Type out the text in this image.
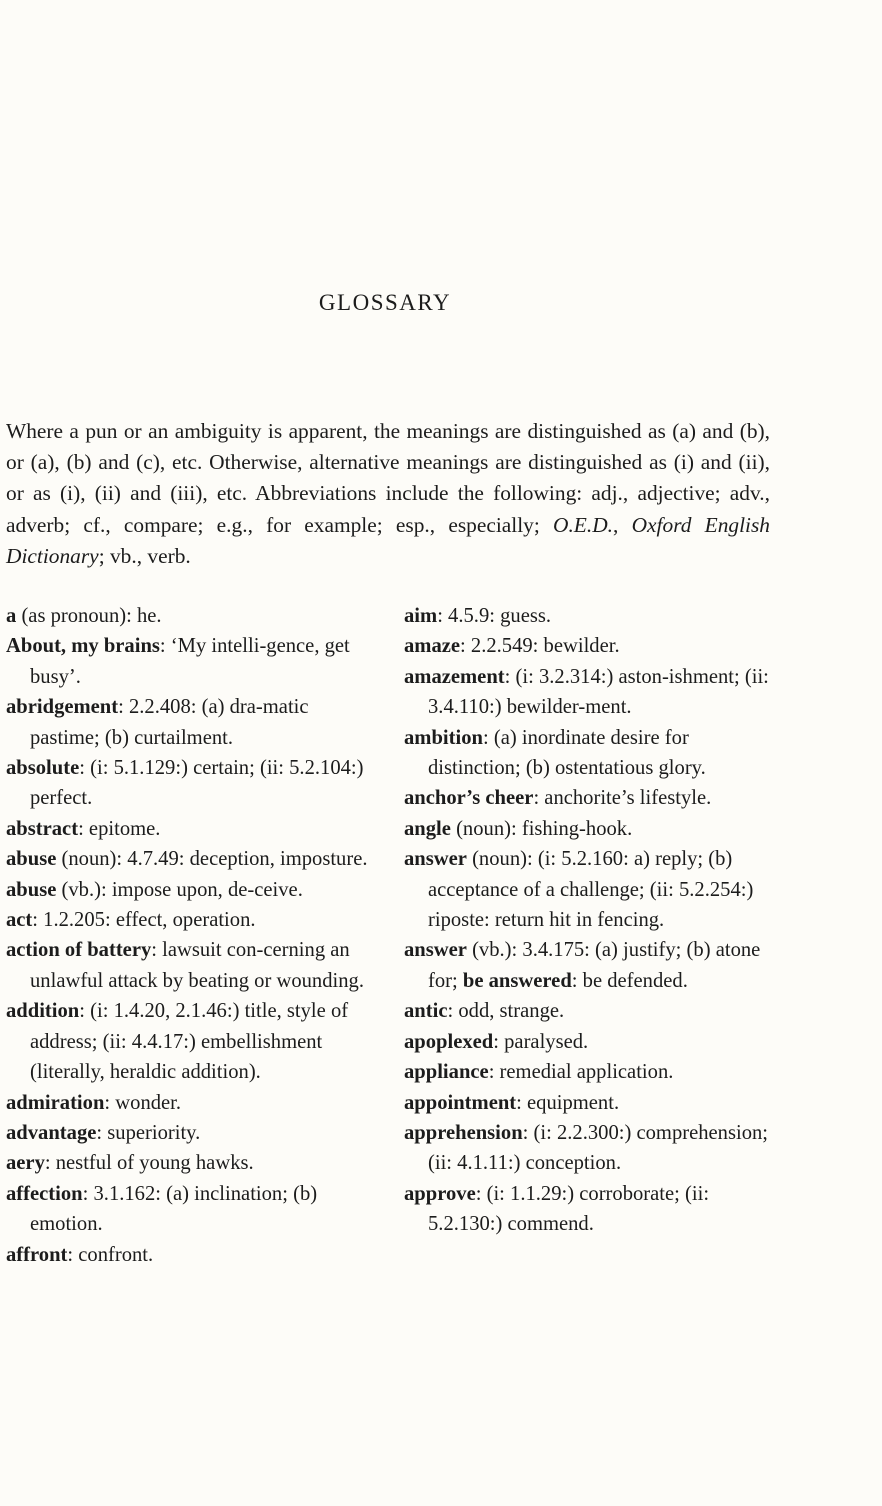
GLOSSARY

Where a pun or an ambiguity is apparent, the meanings are distinguished as (a) and (b), or (a), (b) and (c), etc. Otherwise, alternative meanings are distinguished as (i) and (ii), or as (i), (ii) and (iii), etc. Abbreviations include the following: adj., adjective; adv., adverb; cf., compare; e.g., for example; esp., especially; O.E.D., Oxford English Dictionary; vb., verb.

a (as pronoun): he.
About, my brains: ‘My intelli-gence, get busy’.
abridgement: 2.2.408: (a) dra-matic pastime; (b) curtailment.
absolute: (i: 5.1.129:) certain; (ii: 5.2.104:) perfect.
abstract: epitome.
abuse (noun): 4.7.49: deception, imposture.
abuse (vb.): impose upon, de-ceive.
act: 1.2.205: effect, operation.
action of battery: lawsuit con-cerning an unlawful attack by beating or wounding.
addition: (i: 1.4.20, 2.1.46:) title, style of address; (ii: 4.4.17:) embellishment (literally, heraldic addition).
admiration: wonder.
advantage: superiority.
aery: nestful of young hawks.
affection: 3.1.162: (a) inclination; (b) emotion.
affront: confront.
aim: 4.5.9: guess.
amaze: 2.2.549: bewilder.
amazement: (i: 3.2.314:) aston-ishment; (ii: 3.4.110:) bewilder-ment.
ambition: (a) inordinate desire for distinction; (b) ostentatious glory.
anchor’s cheer: anchorite’s lifestyle.
angle (noun): fishing-hook.
answer (noun): (i: 5.2.160: a) reply; (b) acceptance of a challenge; (ii: 5.2.254:) riposte: return hit in fencing.
answer (vb.): 3.4.175: (a) justify; (b) atone for; be answered: be defended.
antic: odd, strange.
apoplexed: paralysed.
appliance: remedial application.
appointment: equipment.
apprehension: (i: 2.2.300:) comprehension; (ii: 4.1.11:) conception.
approve: (i: 1.1.29:) corroborate; (ii: 5.2.130:) commend.
